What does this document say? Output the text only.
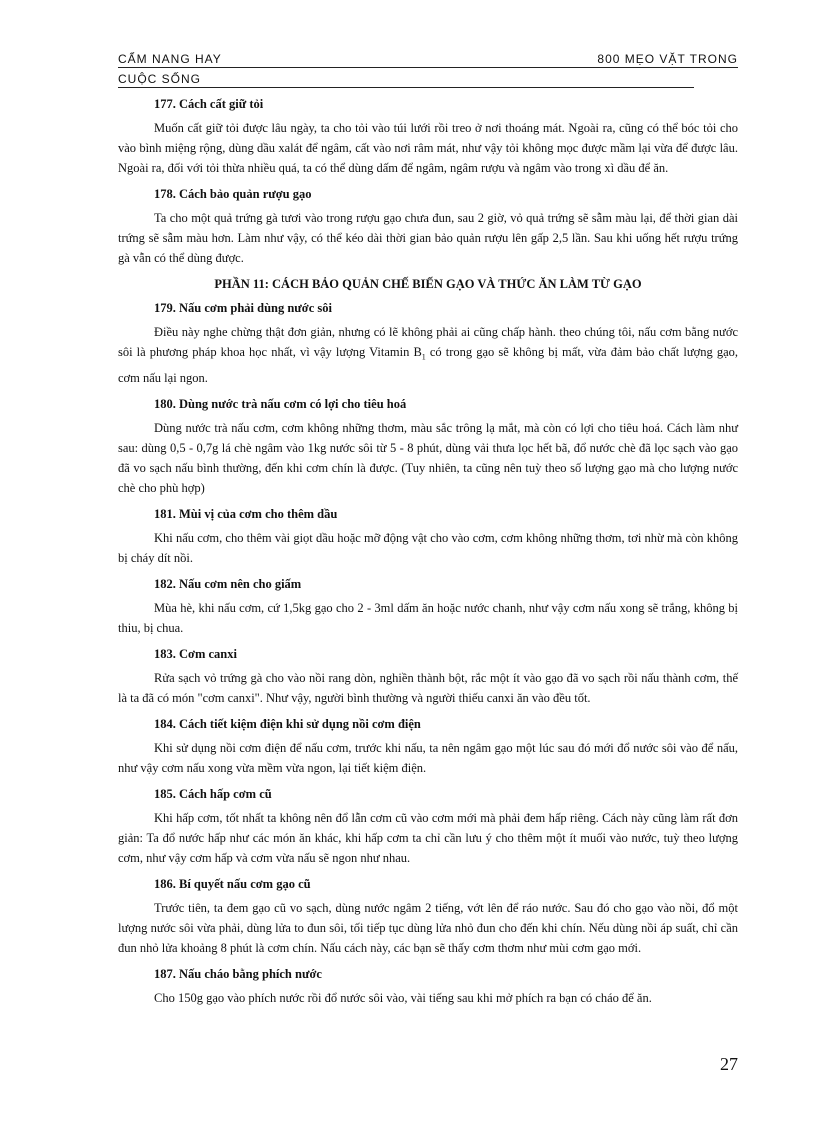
CẨM NANG HAY	800 MẸO VẶT TRONG
CUỘC SỐNG

177. Cách cất giữ tỏi

Muốn cất giữ tỏi được lâu ngày, ta cho tỏi vào túi lưới rồi treo ở nơi thoáng mát. Ngoài ra, cũng có thể bóc tỏi cho vào bình miệng rộng, dùng dầu xalát để ngâm, cất vào nơi râm mát, như vậy tỏi không mọc được mầm lại vừa để được lâu. Ngoài ra, đối với tỏi thừa nhiều quá, ta có thể dùng dấm để ngâm, ngâm rượu và ngâm vào trong xì dầu để ăn.

178. Cách bảo quản rượu gạo

Ta cho một quả trứng gà tươi vào trong rượu gạo chưa đun, sau 2 giờ, vỏ quả trứng sẽ sẫm màu lại, để thời gian dài trứng sẽ sẫm màu hơn. Làm như vậy, có thể kéo dài thời gian bảo quản rượu lên gấp 2,5 lần. Sau khi uống hết rượu trứng gà vẫn có thể dùng được.

PHẦN 11: CÁCH BẢO QUẢN CHẾ BIẾN GẠO VÀ THỨC ĂN LÀM TỪ GẠO

179. Nấu cơm phải dùng nước sôi

Điều này nghe chừng thật đơn giản, nhưng có lẽ không phải ai cũng chấp hành. theo chúng tôi, nấu cơm bằng nước sôi là phương pháp khoa học nhất, vì vậy lượng Vitamin $B_1$ có trong gạo sẽ không bị mất, vừa đảm bảo chất lượng gạo, cơm nấu lại ngon.

180. Dùng nước trà nấu cơm có lợi cho tiêu hoá

Dùng nước trà nấu cơm, cơm không những thơm, màu sắc trông lạ mắt, mà còn có lợi cho tiêu hoá. Cách làm như sau: dùng 0,5 - 0,7g lá chè ngâm vào 1kg nước sôi từ 5 - 8 phút, dùng vải thưa lọc hết bã, đổ nước chè đã lọc sạch vào gạo đã vo sạch nấu bình thường, đến khi cơm chín là được. (Tuy nhiên, ta cũng nên tuỳ theo số lượng gạo mà cho lượng nước chè cho phù hợp)

181. Mùi vị của cơm cho thêm dầu

Khi nấu cơm, cho thêm vài giọt dầu hoặc mỡ động vật cho vào cơm, cơm không những thơm, tơi nhừ mà còn không bị cháy dít nồi.

182. Nấu cơm nên cho giấm

Mùa hè, khi nấu cơm, cứ 1,5kg gạo cho 2 - 3ml dấm ăn hoặc nước chanh, như vậy cơm nấu xong sẽ trắng, không bị thiu, bị chua.

183. Cơm canxi

Rửa sạch vỏ trứng gà cho vào nồi rang dòn, nghiền thành bột, rắc một ít vào gạo đã vo sạch rồi nấu thành cơm, thế là ta đã có món "cơm canxi". Như vậy, người bình thường và người thiếu canxi ăn vào đều tốt.

184. Cách tiết kiệm điện khi sử dụng nồi cơm điện

Khi sử dụng nồi cơm điện để nấu cơm, trước khi nấu, ta nên ngâm gạo một lúc sau đó mới đổ nước sôi vào để nấu, như vậy cơm nấu xong vừa mềm vừa ngon, lại tiết kiệm điện.

185. Cách hấp cơm cũ

Khi hấp cơm, tốt nhất ta không nên đổ lẫn cơm cũ vào cơm mới mà phải đem hấp riêng. Cách này cũng làm rất đơn giản: Ta đổ nước hấp như các món ăn khác, khi hấp cơm ta chỉ cần lưu ý cho thêm một ít muối vào nước, tuỳ theo lượng cơm, như vậy cơm hấp và cơm vừa nấu sẽ ngon như nhau.

186. Bí quyết nấu cơm gạo cũ

Trước tiên, ta đem gạo cũ vo sạch, dùng nước ngâm 2 tiếng, vớt lên để ráo nước. Sau đó cho gạo vào nồi, đổ một lượng nước sôi vừa phải, dùng lửa to đun sôi, tối tiếp tục dùng lửa nhỏ đun cho đến khi chín. Nếu dùng nồi áp suất, chỉ cần đun nhỏ lửa khoảng 8 phút là cơm chín. Nấu cách này, các bạn sẽ thấy cơm thơm như mùi cơm gạo mới.

187. Nấu cháo bằng phích nước

Cho 150g gạo vào phích nước rồi đổ nước sôi vào, vài tiếng sau khi mở phích ra bạn có cháo để ăn.

27
